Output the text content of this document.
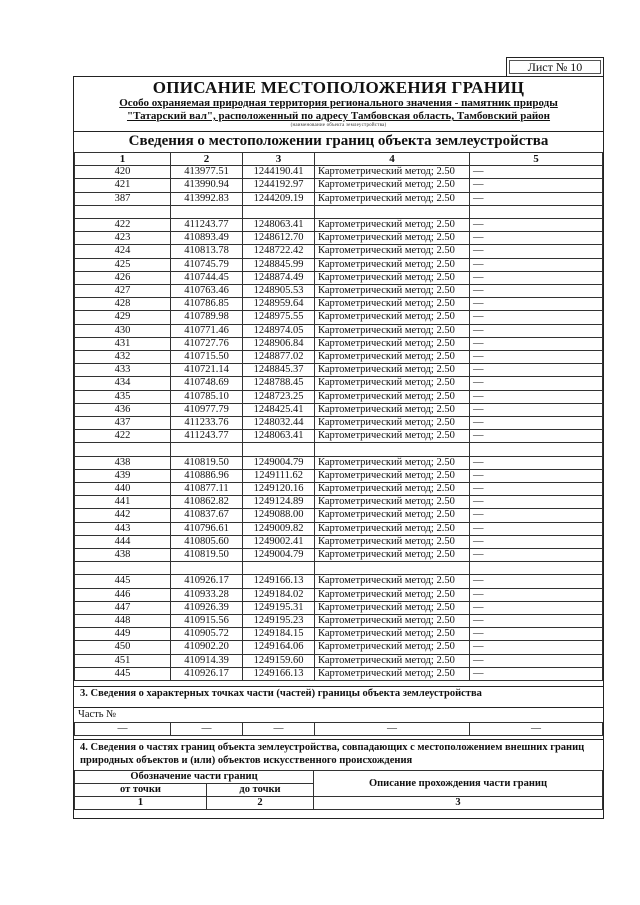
Лист № 10
ОПИСАНИЕ МЕСТОПОЛОЖЕНИЯ ГРАНИЦ
Особо охраняемая природная территория регионального значения - памятник природы
"Татарский вал", расположенный по адресу Тамбовская область, Тамбовский район
(наименование объекта землеустройства)
Сведения о местоположении границ объекта землеустройства
1	2	3	4	5
420	413977.51	1244190.41	Картометрический метод; 2.50	—
421	413990.94	1244192.97	Картометрический метод; 2.50	—
387	413992.83	1244209.19	Картометрический метод; 2.50	—

422	411243.77	1248063.41	Картометрический метод; 2.50	—
423	410893.49	1248612.70	Картометрический метод; 2.50	—
424	410813.78	1248722.42	Картометрический метод; 2.50	—
425	410745.79	1248845.99	Картометрический метод; 2.50	—
426	410744.45	1248874.49	Картометрический метод; 2.50	—
427	410763.46	1248905.53	Картометрический метод; 2.50	—
428	410786.85	1248959.64	Картометрический метод; 2.50	—
429	410789.98	1248975.55	Картометрический метод; 2.50	—
430	410771.46	1248974.05	Картометрический метод; 2.50	—
431	410727.76	1248906.84	Картометрический метод; 2.50	—
432	410715.50	1248877.02	Картометрический метод; 2.50	—
433	410721.14	1248845.37	Картометрический метод; 2.50	—
434	410748.69	1248788.45	Картометрический метод; 2.50	—
435	410785.10	1248723.25	Картометрический метод; 2.50	—
436	410977.79	1248425.41	Картометрический метод; 2.50	—
437	411233.76	1248032.44	Картометрический метод; 2.50	—
422	411243.77	1248063.41	Картометрический метод; 2.50	—

438	410819.50	1249004.79	Картометрический метод; 2.50	—
439	410886.96	1249111.62	Картометрический метод; 2.50	—
440	410877.11	1249120.16	Картометрический метод; 2.50	—
441	410862.82	1249124.89	Картометрический метод; 2.50	—
442	410837.67	1249088.00	Картометрический метод; 2.50	—
443	410796.61	1249009.82	Картометрический метод; 2.50	—
444	410805.60	1249002.41	Картометрический метод; 2.50	—
438	410819.50	1249004.79	Картометрический метод; 2.50	—

445	410926.17	1249166.13	Картометрический метод; 2.50	—
446	410933.28	1249184.02	Картометрический метод; 2.50	—
447	410926.39	1249195.31	Картометрический метод; 2.50	—
448	410915.56	1249195.23	Картометрический метод; 2.50	—
449	410905.72	1249184.15	Картометрический метод; 2.50	—
450	410902.20	1249164.06	Картометрический метод; 2.50	—
451	410914.39	1249159.60	Картометрический метод; 2.50	—
445	410926.17	1249166.13	Картометрический метод; 2.50	—
3. Сведения о характерных точках части (частей) границы объекта землеустройства
Часть №
—	—	—	—	—
4. Сведения о частях границ объекта землеустройства, совпадающих с местоположением внешних границ природных объектов и (или) объектов искусственного происхождения
Обозначение части границ		Описание прохождения части границ
от точки	до точки	
1	2	3
